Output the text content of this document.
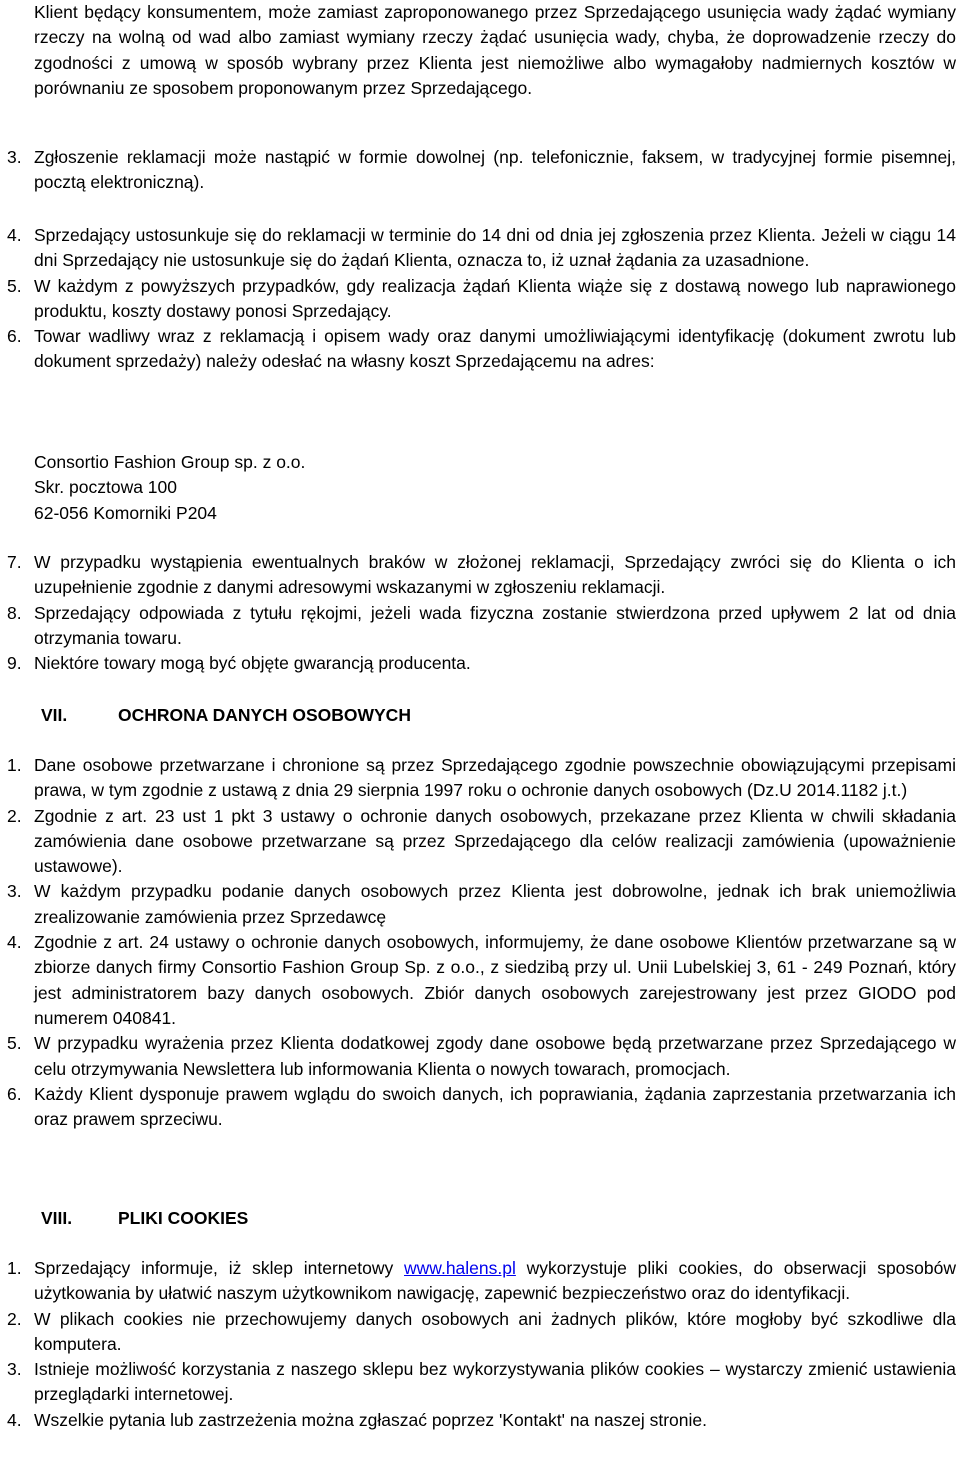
Klient będący konsumentem, może zamiast zaproponowanego przez Sprzedającego usunięcia wady żądać wymiany rzeczy na wolną od wad albo zamiast wymiany rzeczy żądać usunięcia wady, chyba, że doprowadzenie rzeczy do zgodności z umową w sposób wybrany przez Klienta jest niemożliwe albo wymagałoby nadmiernych kosztów w porównaniu ze sposobem proponowanym przez Sprzedającego.
3. Zgłoszenie reklamacji może nastąpić w formie dowolnej (np. telefonicznie, faksem, w tradycyjnej formie pisemnej, pocztą elektroniczną).
4. Sprzedający ustosunkuje się do reklamacji w terminie do 14 dni od dnia jej zgłoszenia przez Klienta. Jeżeli w ciągu 14 dni Sprzedający nie ustosunkuje się do żądań Klienta, oznacza to, iż uznał żądania za uzasadnione.
5. W każdym z powyższych przypadków, gdy realizacja żądań Klienta wiąże się z dostawą nowego lub naprawionego produktu, koszty dostawy ponosi Sprzedający.
6. Towar wadliwy wraz z reklamacją i opisem wady oraz danymi umożliwiającymi identyfikację (dokument zwrotu lub dokument sprzedaży) należy odesłać na własny koszt Sprzedającemu na adres:
Consortio Fashion Group sp. z o.o.
Skr. pocztowa 100
62-056 Komorniki P204
7. W przypadku wystąpienia ewentualnych braków w złożonej reklamacji, Sprzedający zwróci się do Klienta o ich uzupełnienie zgodnie z danymi adresowymi wskazanymi w zgłoszeniu reklamacji.
8. Sprzedający odpowiada z tytułu rękojmi, jeżeli wada fizyczna zostanie stwierdzona przed upływem 2 lat od dnia otrzymania towaru.
9. Niektóre towary mogą być objęte gwarancją producenta.
VII.	OCHRONA DANYCH OSOBOWYCH
1. Dane osobowe przetwarzane i chronione są przez Sprzedającego zgodnie powszechnie obowiązującymi przepisami prawa, w tym zgodnie z ustawą z dnia 29 sierpnia 1997 roku o ochronie danych osobowych (Dz.U 2014.1182 j.t.)
2. Zgodnie z art. 23 ust 1 pkt 3 ustawy o ochronie danych osobowych, przekazane przez Klienta w chwili składania zamówienia dane osobowe przetwarzane są przez Sprzedającego dla celów realizacji zamówienia (upoważnienie ustawowe).
3. W każdym przypadku podanie danych osobowych przez Klienta jest dobrowolne, jednak ich brak uniemożliwia zrealizowanie zamówienia przez Sprzedawcę
4. Zgodnie z art. 24 ustawy o ochronie danych osobowych, informujemy, że dane osobowe Klientów przetwarzane są w zbiorze danych firmy Consortio Fashion Group Sp. z o.o., z siedzibą przy ul. Unii Lubelskiej 3, 61 - 249 Poznań, który jest administratorem bazy danych osobowych. Zbiór danych osobowych zarejestrowany jest przez GIODO pod numerem 040841.
5. W przypadku wyrażenia przez Klienta dodatkowej zgody dane osobowe będą przetwarzane przez Sprzedającego w celu otrzymywania Newslettera lub informowania Klienta o nowych towarach, promocjach.
6. Każdy Klient dysponuje prawem wglądu do swoich danych, ich poprawiania, żądania zaprzestania przetwarzania ich oraz prawem sprzeciwu.
VIII.	PLIKI COOKIES
1. Sprzedający informuje, iż sklep internetowy www.halens.pl wykorzystuje pliki cookies, do obserwacji sposobów użytkowania by ułatwić naszym użytkownikom nawigację, zapewnić bezpieczeństwo oraz do identyfikacji.
2. W plikach cookies nie przechowujemy danych osobowych ani żadnych plików, które mogłoby być szkodliwe dla komputera.
3. Istnieje możliwość korzystania z naszego sklepu bez wykorzystywania plików cookies – wystarczy zmienić ustawienia przeglądarki internetowej.
4. Wszelkie pytania lub zastrzeżenia można zgłaszać poprzez 'Kontakt' na naszej stronie.
